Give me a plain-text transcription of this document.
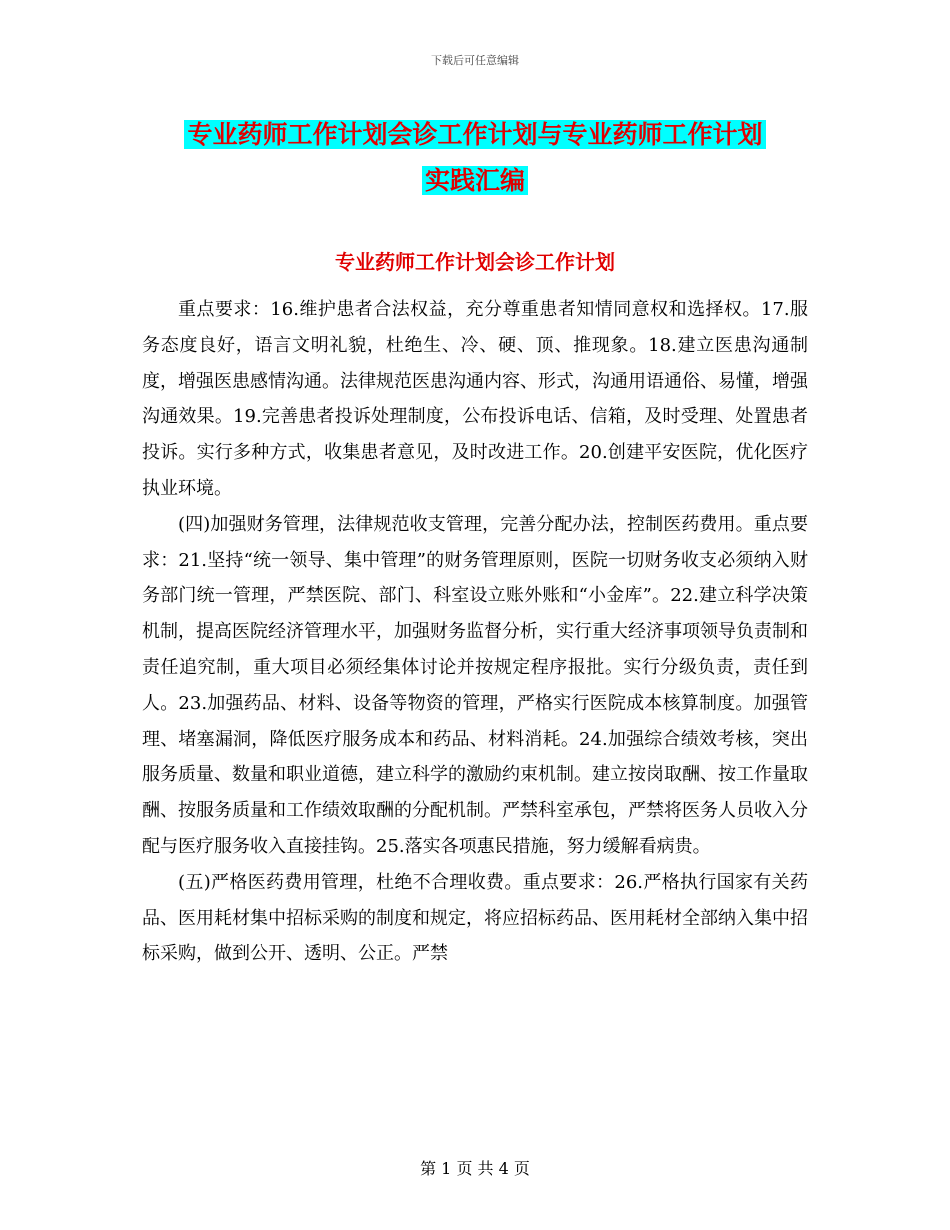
下载后可任意编辑
专业药师工作计划会诊工作计划与专业药师工作计划
实践汇编
专业药师工作计划会诊工作计划

重点要求：16.维护患者合法权益，充分尊重患者知情同意权和选择权。17.服务态度良好，语言文明礼貌，杜绝生、冷、硬、顶、推现象。18.建立医患沟通制度，增强医患感情沟通。法律规范医患沟通内容、形式，沟通用语通俗、易懂，增强沟通效果。19.完善患者投诉处理制度，公布投诉电话、信箱，及时受理、处置患者投诉。实行多种方式，收集患者意见，及时改进工作。20.创建平安医院，优化医疗执业环境。

(四)加强财务管理，法律规范收支管理，完善分配办法，控制医药费用。重点要求：21.坚持“统一领导、集中管理”的财务管理原则，医院一切财务收支必须纳入财务部门统一管理，严禁医院、部门、科室设立账外账和“小金库”。22.建立科学决策机制，提高医院经济管理水平，加强财务监督分析，实行重大经济事项领导负责制和责任追究制，重大项目必须经集体讨论并按规定程序报批。实行分级负责，责任到人。23.加强药品、材料、设备等物资的管理，严格实行医院成本核算制度。加强管理、堵塞漏洞，降低医疗服务成本和药品、材料消耗。24.加强综合绩效考核，突出服务质量、数量和职业道德，建立科学的激励约束机制。建立按岗取酬、按工作量取酬、按服务质量和工作绩效取酬的分配机制。严禁科室承包，严禁将医务人员收入分配与医疗服务收入直接挂钩。25.落实各项惠民措施，努力缓解看病贵。

(五)严格医药费用管理，杜绝不合理收费。重点要求：26.严格执行国家有关药品、医用耗材集中招标采购的制度和规定，将应招标药品、医用耗材全部纳入集中招标采购，做到公开、透明、公正。严禁

第 1 页 共 4 页
